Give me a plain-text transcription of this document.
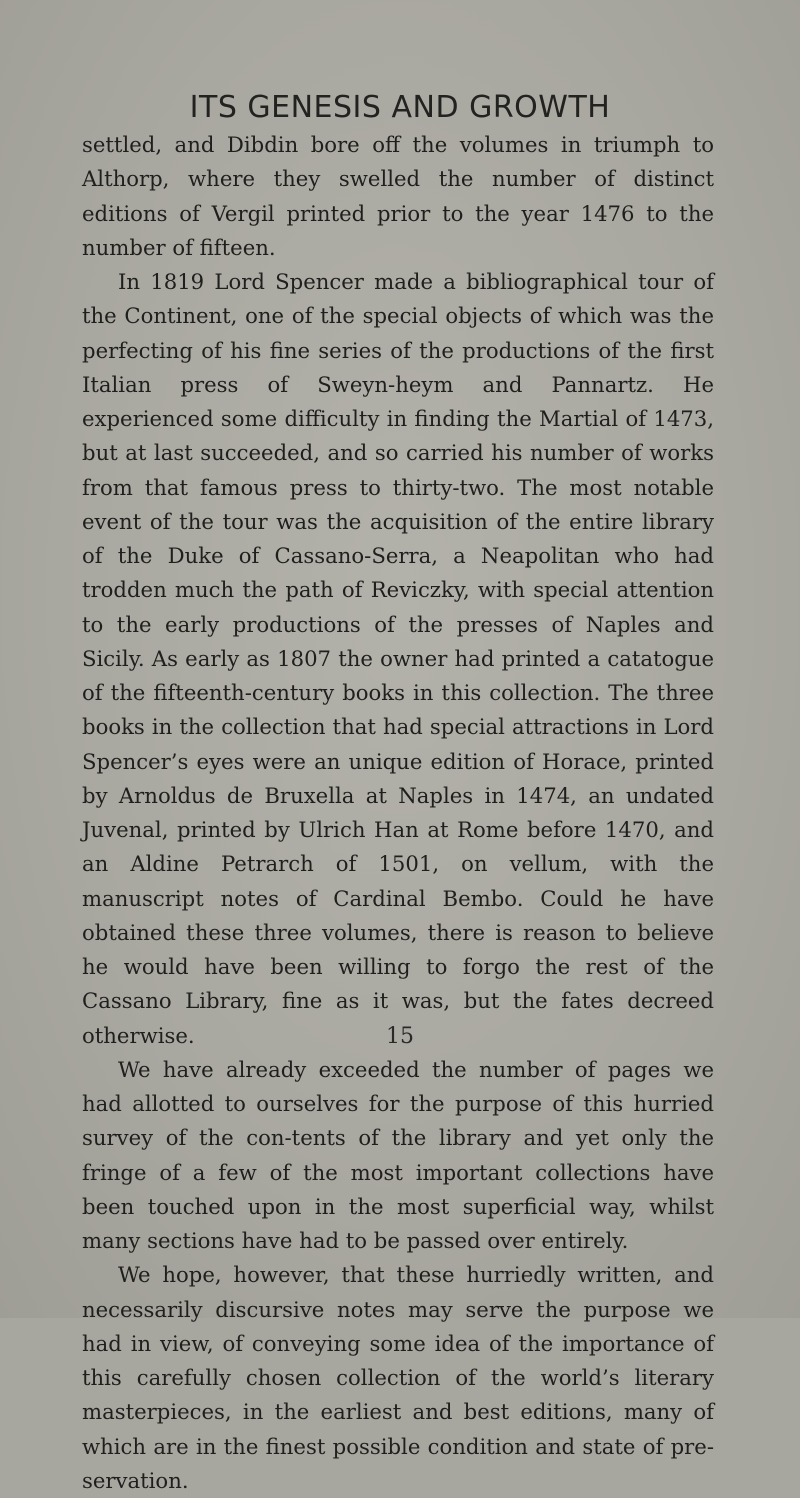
ITS GENESIS AND GROWTH

settled, and Dibdin bore off the volumes in triumph to Althorp, where they swelled the number of distinct editions of Vergil printed prior to the year 1476 to the number of fifteen.

In 1819 Lord Spencer made a bibliographical tour of the Continent, one of the special objects of which was the perfecting of his fine series of the productions of the first Italian press of Sweyn-heym and Pannartz. He experienced some difficulty in finding the Martial of 1473, but at last succeeded, and so carried his number of works from that famous press to thirty-two. The most notable event of the tour was the acquisition of the entire library of the Duke of Cassano-Serra, a Neapolitan who had trodden much the path of Reviczky, with special attention to the early productions of the presses of Naples and Sicily. As early as 1807 the owner had printed a catatogue of the fifteenth-century books in this collection. The three books in the collection that had special attractions in Lord Spencer’s eyes were an unique edition of Horace, printed by Arnoldus de Bruxella at Naples in 1474, an undated Juvenal, printed by Ulrich Han at Rome before 1470, and an Aldine Petrarch of 1501, on vellum, with the manuscript notes of Cardinal Bembo. Could he have obtained these three volumes, there is reason to believe he would have been willing to forgo the rest of the Cassano Library, fine as it was, but the fates decreed otherwise.

We have already exceeded the number of pages we had allotted to ourselves for the purpose of this hurried survey of the con-tents of the library and yet only the fringe of a few of the most important collections have been touched upon in the most superficial way, whilst many sections have had to be passed over entirely.

We hope, however, that these hurriedly written, and necessarily discursive notes may serve the purpose we had in view, of conveying some idea of the importance of this carefully chosen collection of the world’s literary masterpieces, in the earliest and best editions, many of which are in the finest possible condition and state of pre-servation.

15
